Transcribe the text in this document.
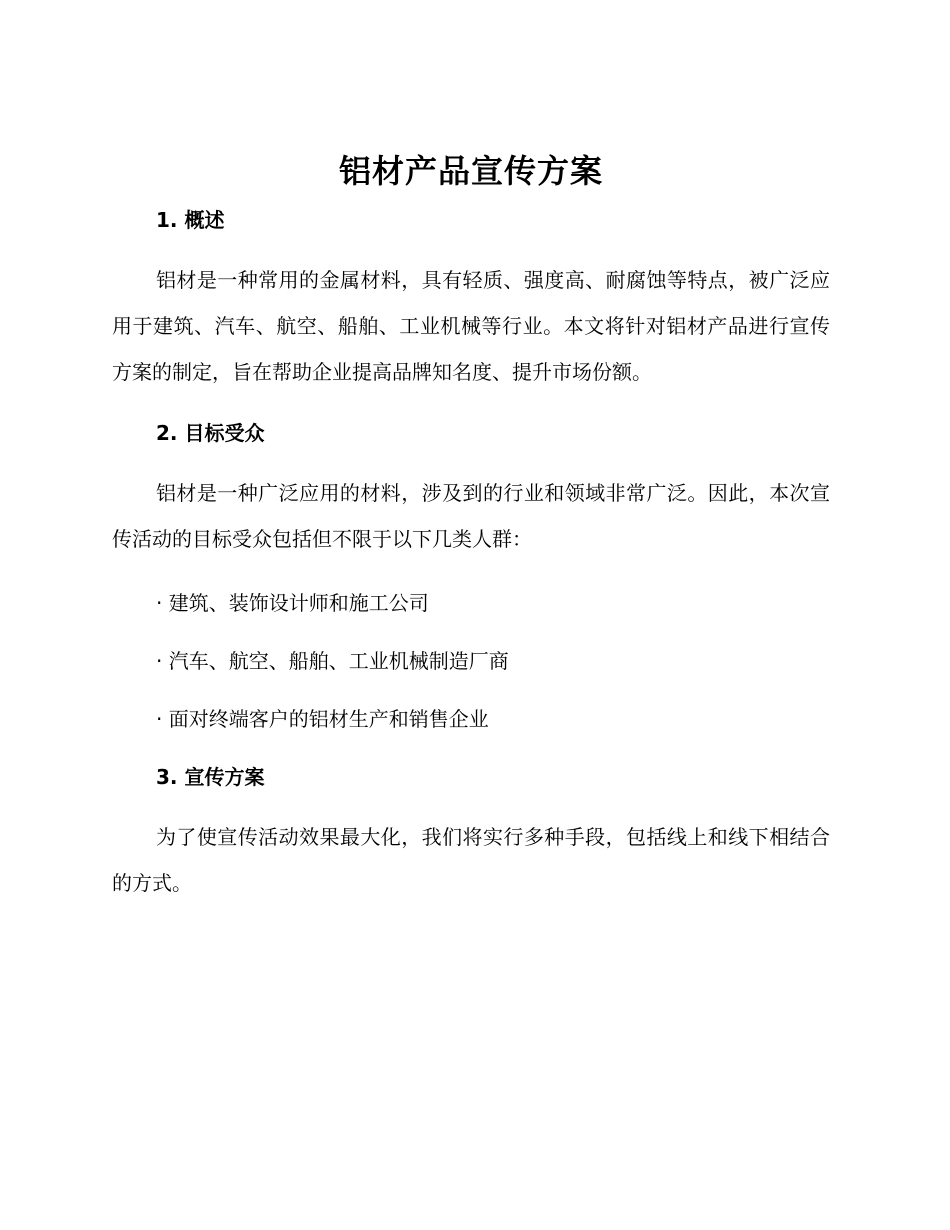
铝材产品宣传方案
1. 概述

铝材是一种常用的金属材料，具有轻质、强度高、耐腐蚀等特点，被广泛应用于建筑、汽车、航空、船舶、工业机械等行业。本文将针对铝材产品进行宣传方案的制定，旨在帮助企业提高品牌知名度、提升市场份额。

2. 目标受众

铝材是一种广泛应用的材料，涉及到的行业和领域非常广泛。因此，本次宣传活动的目标受众包括但不限于以下几类人群：

· 建筑、装饰设计师和施工公司

· 汽车、航空、船舶、工业机械制造厂商

· 面对终端客户的铝材生产和销售企业

3. 宣传方案

为了使宣传活动效果最大化，我们将实行多种手段，包括线上和线下相结合的方式。
